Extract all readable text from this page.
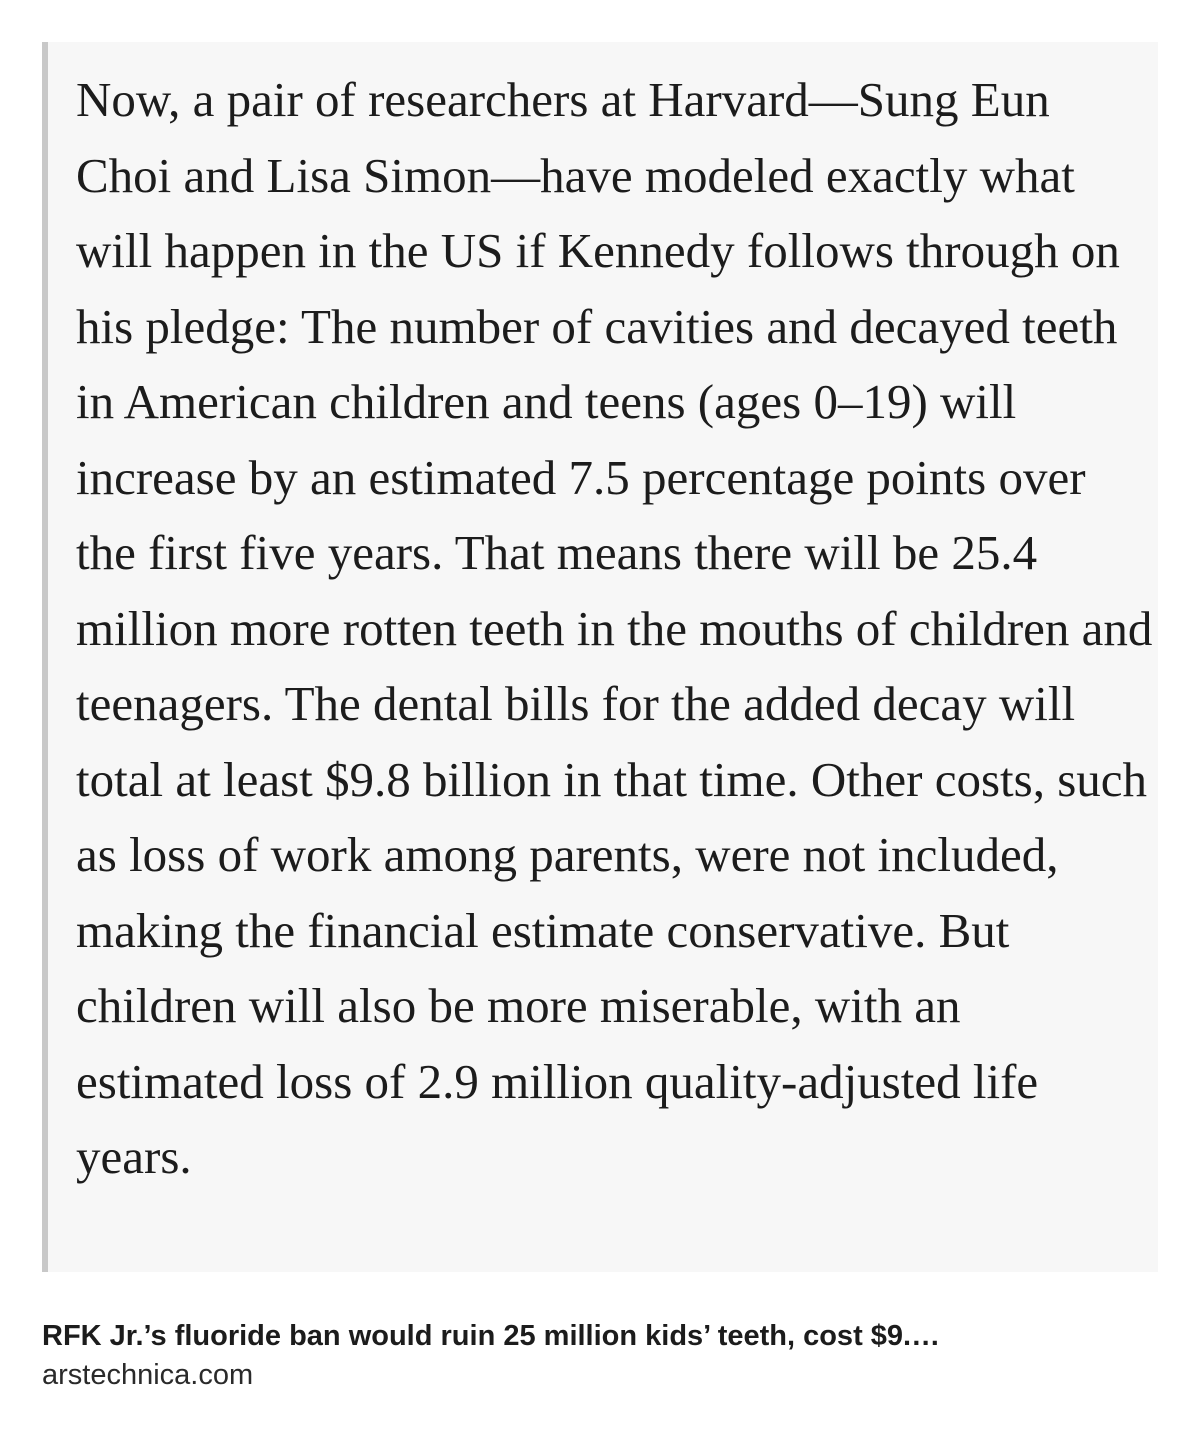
Now, a pair of researchers at Harvard—Sung Eun Choi and Lisa Simon—have modeled exactly what will happen in the US if Kennedy follows through on his pledge: The number of cavities and decayed teeth in American children and teens (ages 0–19) will increase by an estimated 7.5 percentage points over the first five years. That means there will be 25.4 million more rotten teeth in the mouths of children and teenagers. The dental bills for the added decay will total at least $9.8 billion in that time. Other costs, such as loss of work among parents, were not included, making the financial estimate conservative. But children will also be more miserable, with an estimated loss of 2.9 million quality-adjusted life years.

RFK Jr.’s fluoride ban would ruin 25 million kids’ teeth, cost $9.…
arstechnica.com
